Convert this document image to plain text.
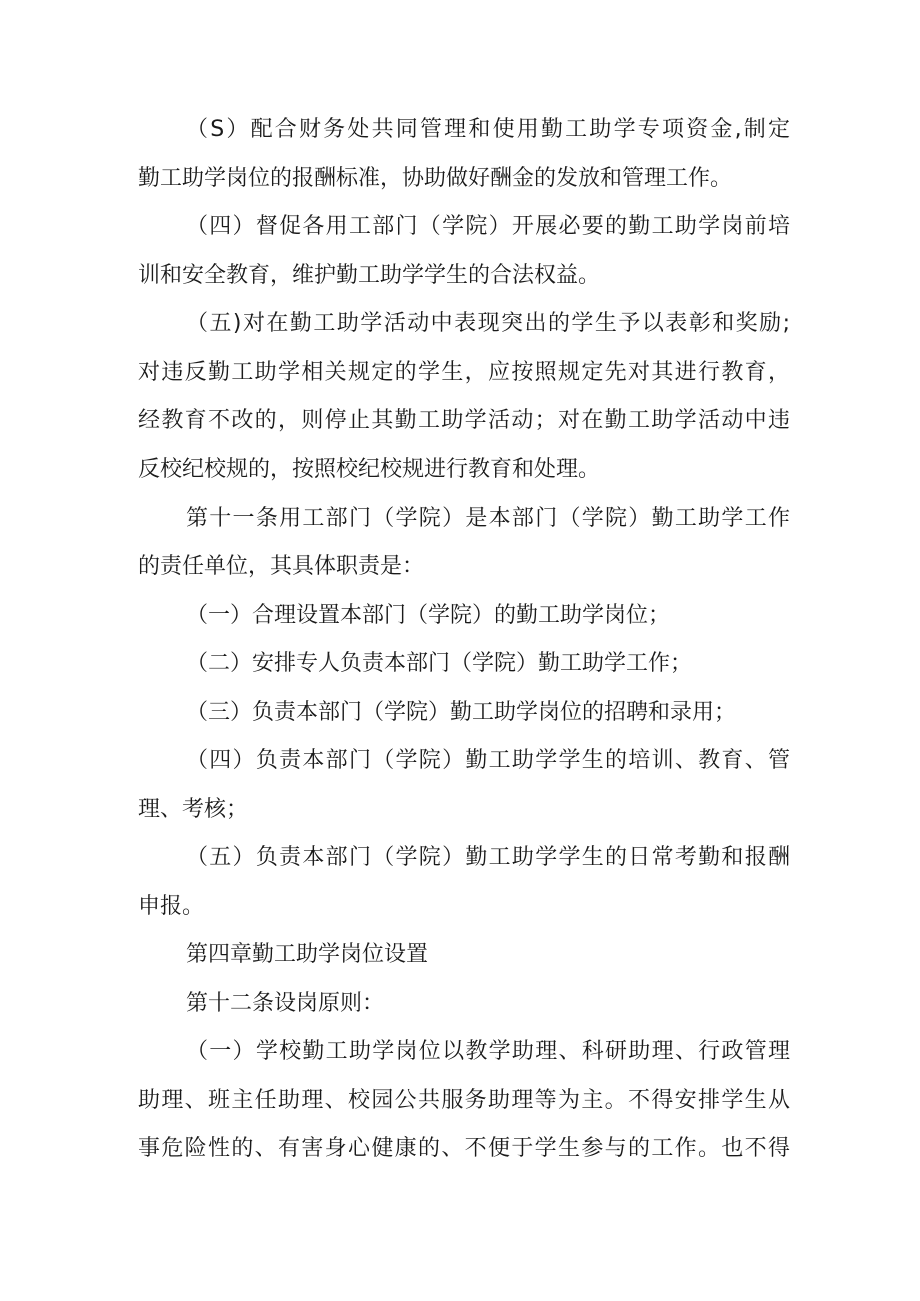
（S）配合财务处共同管理和使用勤工助学专项资金,制定
勤工助学岗位的报酬标准，协助做好酬金的发放和管理工作。
（四）督促各用工部门（学院）开展必要的勤工助学岗前培
训和安全教育，维护勤工助学学生的合法权益。
（五)对在勤工助学活动中表现突出的学生予以表彰和奖励;
对违反勤工助学相关规定的学生，应按照规定先对其进行教育，
经教育不改的，则停止其勤工助学活动；对在勤工助学活动中违
反校纪校规的，按照校纪校规进行教育和处理。
第十一条用工部门（学院）是本部门（学院）勤工助学工作
的责任单位，其具体职责是：
（一）合理设置本部门（学院）的勤工助学岗位；
（二）安排专人负责本部门（学院）勤工助学工作；
（三）负责本部门（学院）勤工助学岗位的招聘和录用；
（四）负责本部门（学院）勤工助学学生的培训、教育、管
理、考核；
（五）负责本部门（学院）勤工助学学生的日常考勤和报酬
申报。
第四章勤工助学岗位设置
第十二条设岗原则：
（一）学校勤工助学岗位以教学助理、科研助理、行政管理
助理、班主任助理、校园公共服务助理等为主。不得安排学生从
事危险性的、有害身心健康的、不便于学生参与的工作。也不得
